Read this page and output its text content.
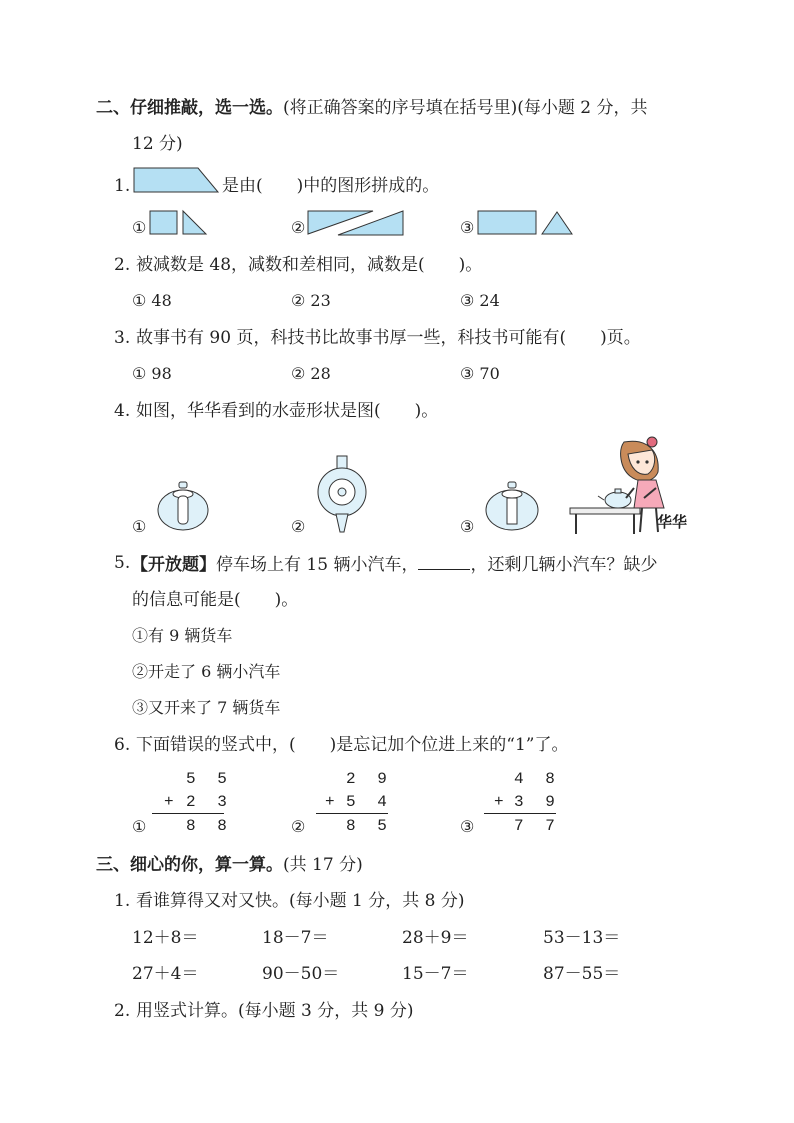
二、仔细推敲，选一选。(将正确答案的序号填在括号里)(每小题 2 分，共
12 分)
1.	是由(　　)中的图形拼成的。
①	②	③
2. 被减数是 48，减数和差相同，减数是(　　)。
① 48	② 23	③ 24
3. 故事书有 90 页，科技书比故事书厚一些，科技书可能有(　　)页。
① 98	② 28	③ 70
4. 如图，华华看到的水壶形状是图(　　)。
①	②	③	华华
5. 【开放题】停车场上有 15 辆小汽车，	，还剩几辆小汽车？缺少
的信息可能是(　　)。
①有 9 辆货车
②开走了 6 辆小汽车
③又开来了 7 辆货车
6. 下面错误的竖式中，(　　)是忘记加个位进上来的“1”了。
①
5 5
+ 2 3
8 8	②
2 9
+ 5 4
8 5	③
4 8
+ 3 9
7 7
三、细心的你，算一算。(共 17 分)
1. 看谁算得又对又快。(每小题 1 分，共 8 分)
12＋8＝	18－7＝	28＋9＝	53－13＝
27＋4＝	90－50＝	15－7＝	87－55＝
2. 用竖式计算。(每小题 3 分，共 9 分)
